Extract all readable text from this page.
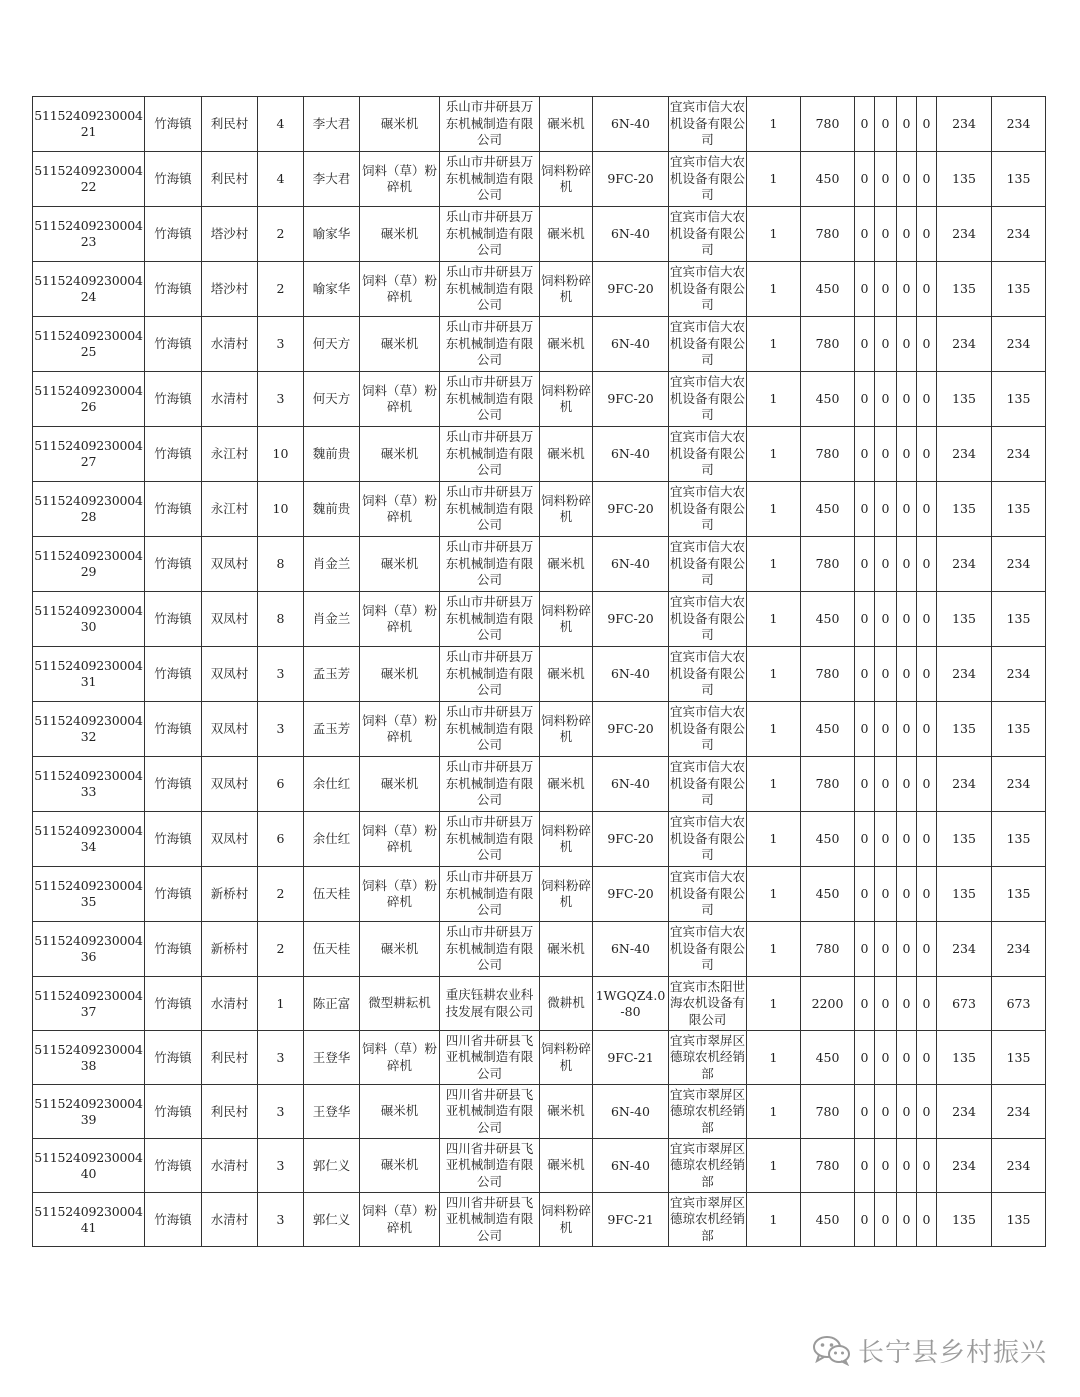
5115240923000421	竹海镇	利民村	4	李大君	碾米机	乐山市井研县万东机械制造有限公司	碾米机	6N-40	宜宾市信大农机设备有限公司	1	780	0	0	0	0	234	234
5115240923000422	竹海镇	利民村	4	李大君	饲料（草）粉碎机	乐山市井研县万东机械制造有限公司	饲料粉碎机	9FC-20	宜宾市信大农机设备有限公司	1	450	0	0	0	0	135	135
5115240923000423	竹海镇	塔沙村	2	喻家华	碾米机	乐山市井研县万东机械制造有限公司	碾米机	6N-40	宜宾市信大农机设备有限公司	1	780	0	0	0	0	234	234
5115240923000424	竹海镇	塔沙村	2	喻家华	饲料（草）粉碎机	乐山市井研县万东机械制造有限公司	饲料粉碎机	9FC-20	宜宾市信大农机设备有限公司	1	450	0	0	0	0	135	135
5115240923000425	竹海镇	水清村	3	何天方	碾米机	乐山市井研县万东机械制造有限公司	碾米机	6N-40	宜宾市信大农机设备有限公司	1	780	0	0	0	0	234	234
5115240923000426	竹海镇	水清村	3	何天方	饲料（草）粉碎机	乐山市井研县万东机械制造有限公司	饲料粉碎机	9FC-20	宜宾市信大农机设备有限公司	1	450	0	0	0	0	135	135
5115240923000427	竹海镇	永江村	10	魏前贵	碾米机	乐山市井研县万东机械制造有限公司	碾米机	6N-40	宜宾市信大农机设备有限公司	1	780	0	0	0	0	234	234
5115240923000428	竹海镇	永江村	10	魏前贵	饲料（草）粉碎机	乐山市井研县万东机械制造有限公司	饲料粉碎机	9FC-20	宜宾市信大农机设备有限公司	1	450	0	0	0	0	135	135
5115240923000429	竹海镇	双凤村	8	肖金兰	碾米机	乐山市井研县万东机械制造有限公司	碾米机	6N-40	宜宾市信大农机设备有限公司	1	780	0	0	0	0	234	234
5115240923000430	竹海镇	双凤村	8	肖金兰	饲料（草）粉碎机	乐山市井研县万东机械制造有限公司	饲料粉碎机	9FC-20	宜宾市信大农机设备有限公司	1	450	0	0	0	0	135	135
5115240923000431	竹海镇	双凤村	3	孟玉芳	碾米机	乐山市井研县万东机械制造有限公司	碾米机	6N-40	宜宾市信大农机设备有限公司	1	780	0	0	0	0	234	234
5115240923000432	竹海镇	双凤村	3	孟玉芳	饲料（草）粉碎机	乐山市井研县万东机械制造有限公司	饲料粉碎机	9FC-20	宜宾市信大农机设备有限公司	1	450	0	0	0	0	135	135
5115240923000433	竹海镇	双凤村	6	余仕红	碾米机	乐山市井研县万东机械制造有限公司	碾米机	6N-40	宜宾市信大农机设备有限公司	1	780	0	0	0	0	234	234
5115240923000434	竹海镇	双凤村	6	余仕红	饲料（草）粉碎机	乐山市井研县万东机械制造有限公司	饲料粉碎机	9FC-20	宜宾市信大农机设备有限公司	1	450	0	0	0	0	135	135
5115240923000435	竹海镇	新桥村	2	伍天桂	饲料（草）粉碎机	乐山市井研县万东机械制造有限公司	饲料粉碎机	9FC-20	宜宾市信大农机设备有限公司	1	450	0	0	0	0	135	135
5115240923000436	竹海镇	新桥村	2	伍天桂	碾米机	乐山市井研县万东机械制造有限公司	碾米机	6N-40	宜宾市信大农机设备有限公司	1	780	0	0	0	0	234	234
5115240923000437	竹海镇	水清村	1	陈正富	微型耕耘机	重庆钰耕农业科技发展有限公司	微耕机	1WGQZ4.0-80	宜宾市杰阳世海农机设备有限公司	1	2200	0	0	0	0	673	673
5115240923000438	竹海镇	利民村	3	王登华	饲料（草）粉碎机	四川省井研县飞亚机械制造有限公司	饲料粉碎机	9FC-21	宜宾市翠屏区德琼农机经销部	1	450	0	0	0	0	135	135
5115240923000439	竹海镇	利民村	3	王登华	碾米机	四川省井研县飞亚机械制造有限公司	碾米机	6N-40	宜宾市翠屏区德琼农机经销部	1	780	0	0	0	0	234	234
5115240923000440	竹海镇	水清村	3	郭仁义	碾米机	四川省井研县飞亚机械制造有限公司	碾米机	6N-40	宜宾市翠屏区德琼农机经销部	1	780	0	0	0	0	234	234
5115240923000441	竹海镇	水清村	3	郭仁义	饲料（草）粉碎机	四川省井研县飞亚机械制造有限公司	饲料粉碎机	9FC-21	宜宾市翠屏区德琼农机经销部	1	450	0	0	0	0	135	135
长宁县乡村振兴
